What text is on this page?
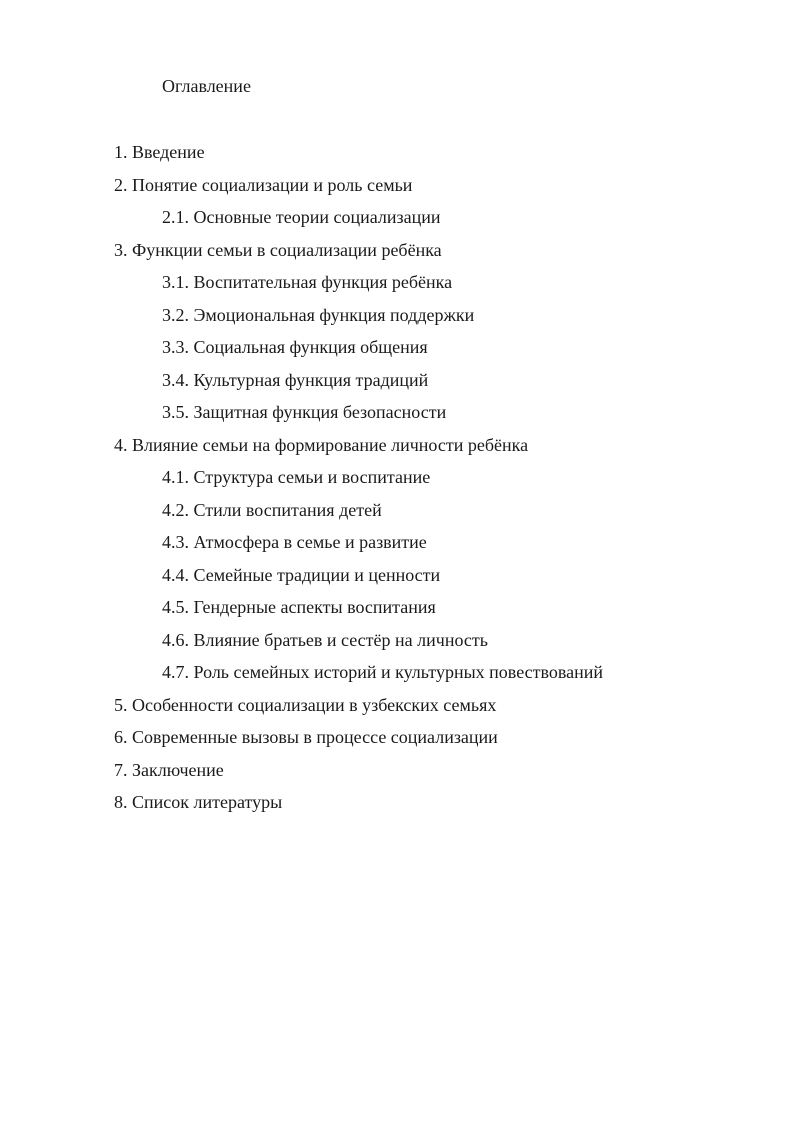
Оглавление
1. Введение
2. Понятие социализации и роль семьи
2.1. Основные теории социализации
3. Функции семьи в социализации ребёнка
3.1. Воспитательная функция ребёнка
3.2. Эмоциональная функция поддержки
3.3. Социальная функция общения
3.4. Культурная функция традиций
3.5. Защитная функция безопасности
4. Влияние семьи на формирование личности ребёнка
4.1. Структура семьи и воспитание
4.2. Стили воспитания детей
4.3. Атмосфера в семье и развитие
4.4. Семейные традиции и ценности
4.5. Гендерные аспекты воспитания
4.6. Влияние братьев и сестёр на личность
4.7. Роль семейных историй и культурных повествований
5. Особенности социализации в узбекских семьях
6. Современные вызовы в процессе социализации
7. Заключение
8. Список литературы
